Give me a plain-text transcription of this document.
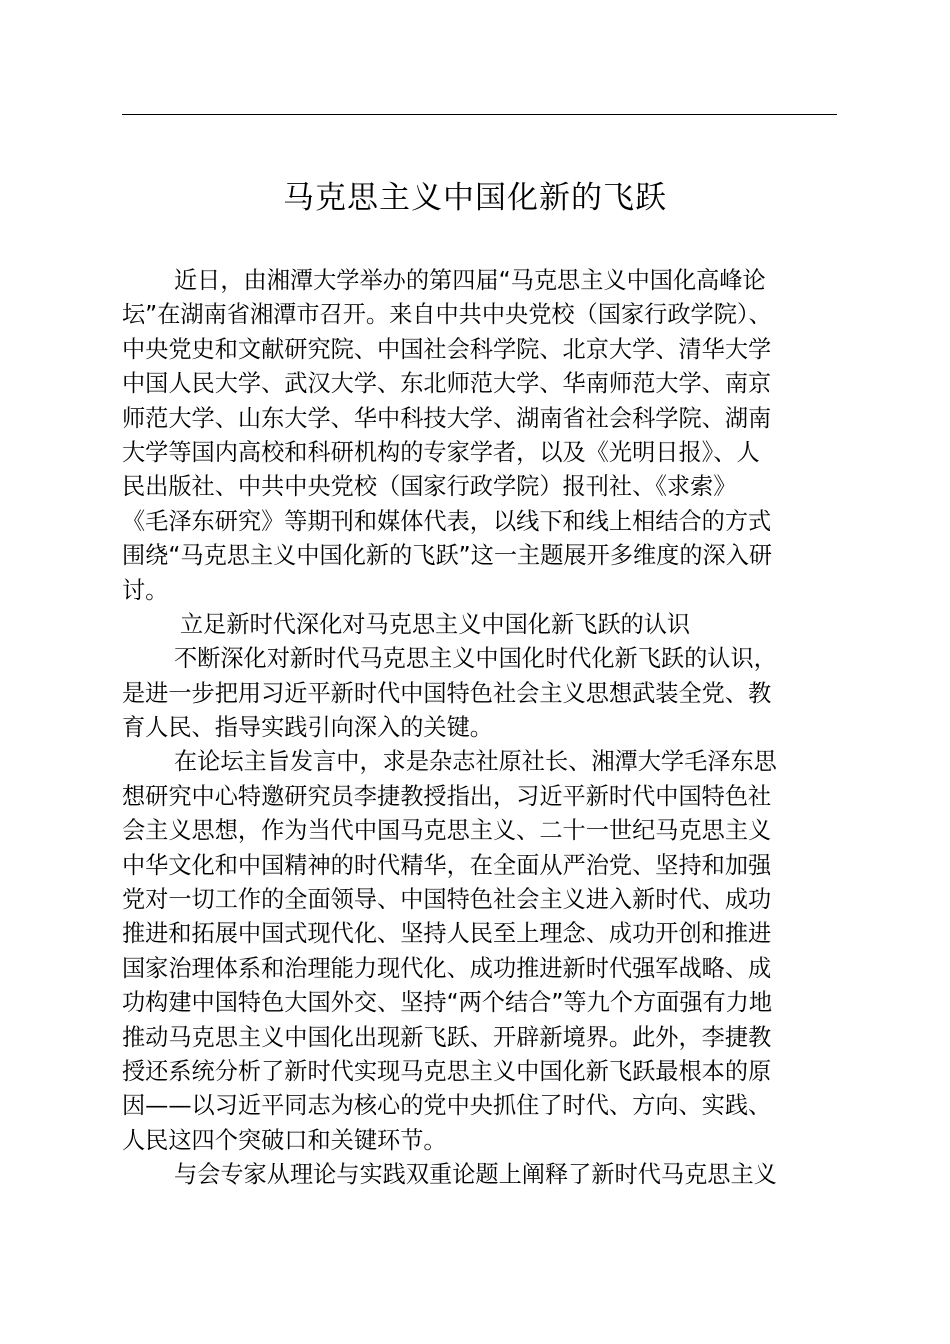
马克思主义中国化新的飞跃
近日，由湘潭大学举办的第四届“马克思主义中国化高峰论
坛”在湖南省湘潭市召开。来自中共中央党校（国家行政学院）、
中央党史和文献研究院、中国社会科学院、北京大学、清华大学
中国人民大学、武汉大学、东北师范大学、华南师范大学、南京
师范大学、山东大学、华中科技大学、湖南省社会科学院、湖南
大学等国内高校和科研机构的专家学者，以及《光明日报》、人
民出版社、中共中央党校（国家行政学院）报刊社、《求索》
《毛泽东研究》等期刊和媒体代表，以线下和线上相结合的方式
围绕“马克思主义中国化新的飞跃”这一主题展开多维度的深入研
讨。
立足新时代深化对马克思主义中国化新飞跃的认识
不断深化对新时代马克思主义中国化时代化新飞跃的认识，
是进一步把用习近平新时代中国特色社会主义思想武装全党、教
育人民、指导实践引向深入的关键。
在论坛主旨发言中，求是杂志社原社长、湘潭大学毛泽东思
想研究中心特邀研究员李捷教授指出，习近平新时代中国特色社
会主义思想，作为当代中国马克思主义、二十一世纪马克思主义
中华文化和中国精神的时代精华，在全面从严治党、坚持和加强
党对一切工作的全面领导、中国特色社会主义进入新时代、成功
推进和拓展中国式现代化、坚持人民至上理念、成功开创和推进
国家治理体系和治理能力现代化、成功推进新时代强军战略、成
功构建中国特色大国外交、坚持“两个结合”等九个方面强有力地
推动马克思主义中国化出现新飞跃、开辟新境界。此外，李捷教
授还系统分析了新时代实现马克思主义中国化新飞跃最根本的原
因——以习近平同志为核心的党中央抓住了时代、方向、实践、
人民这四个突破口和关键环节。
与会专家从理论与实践双重论题上阐释了新时代马克思主义
